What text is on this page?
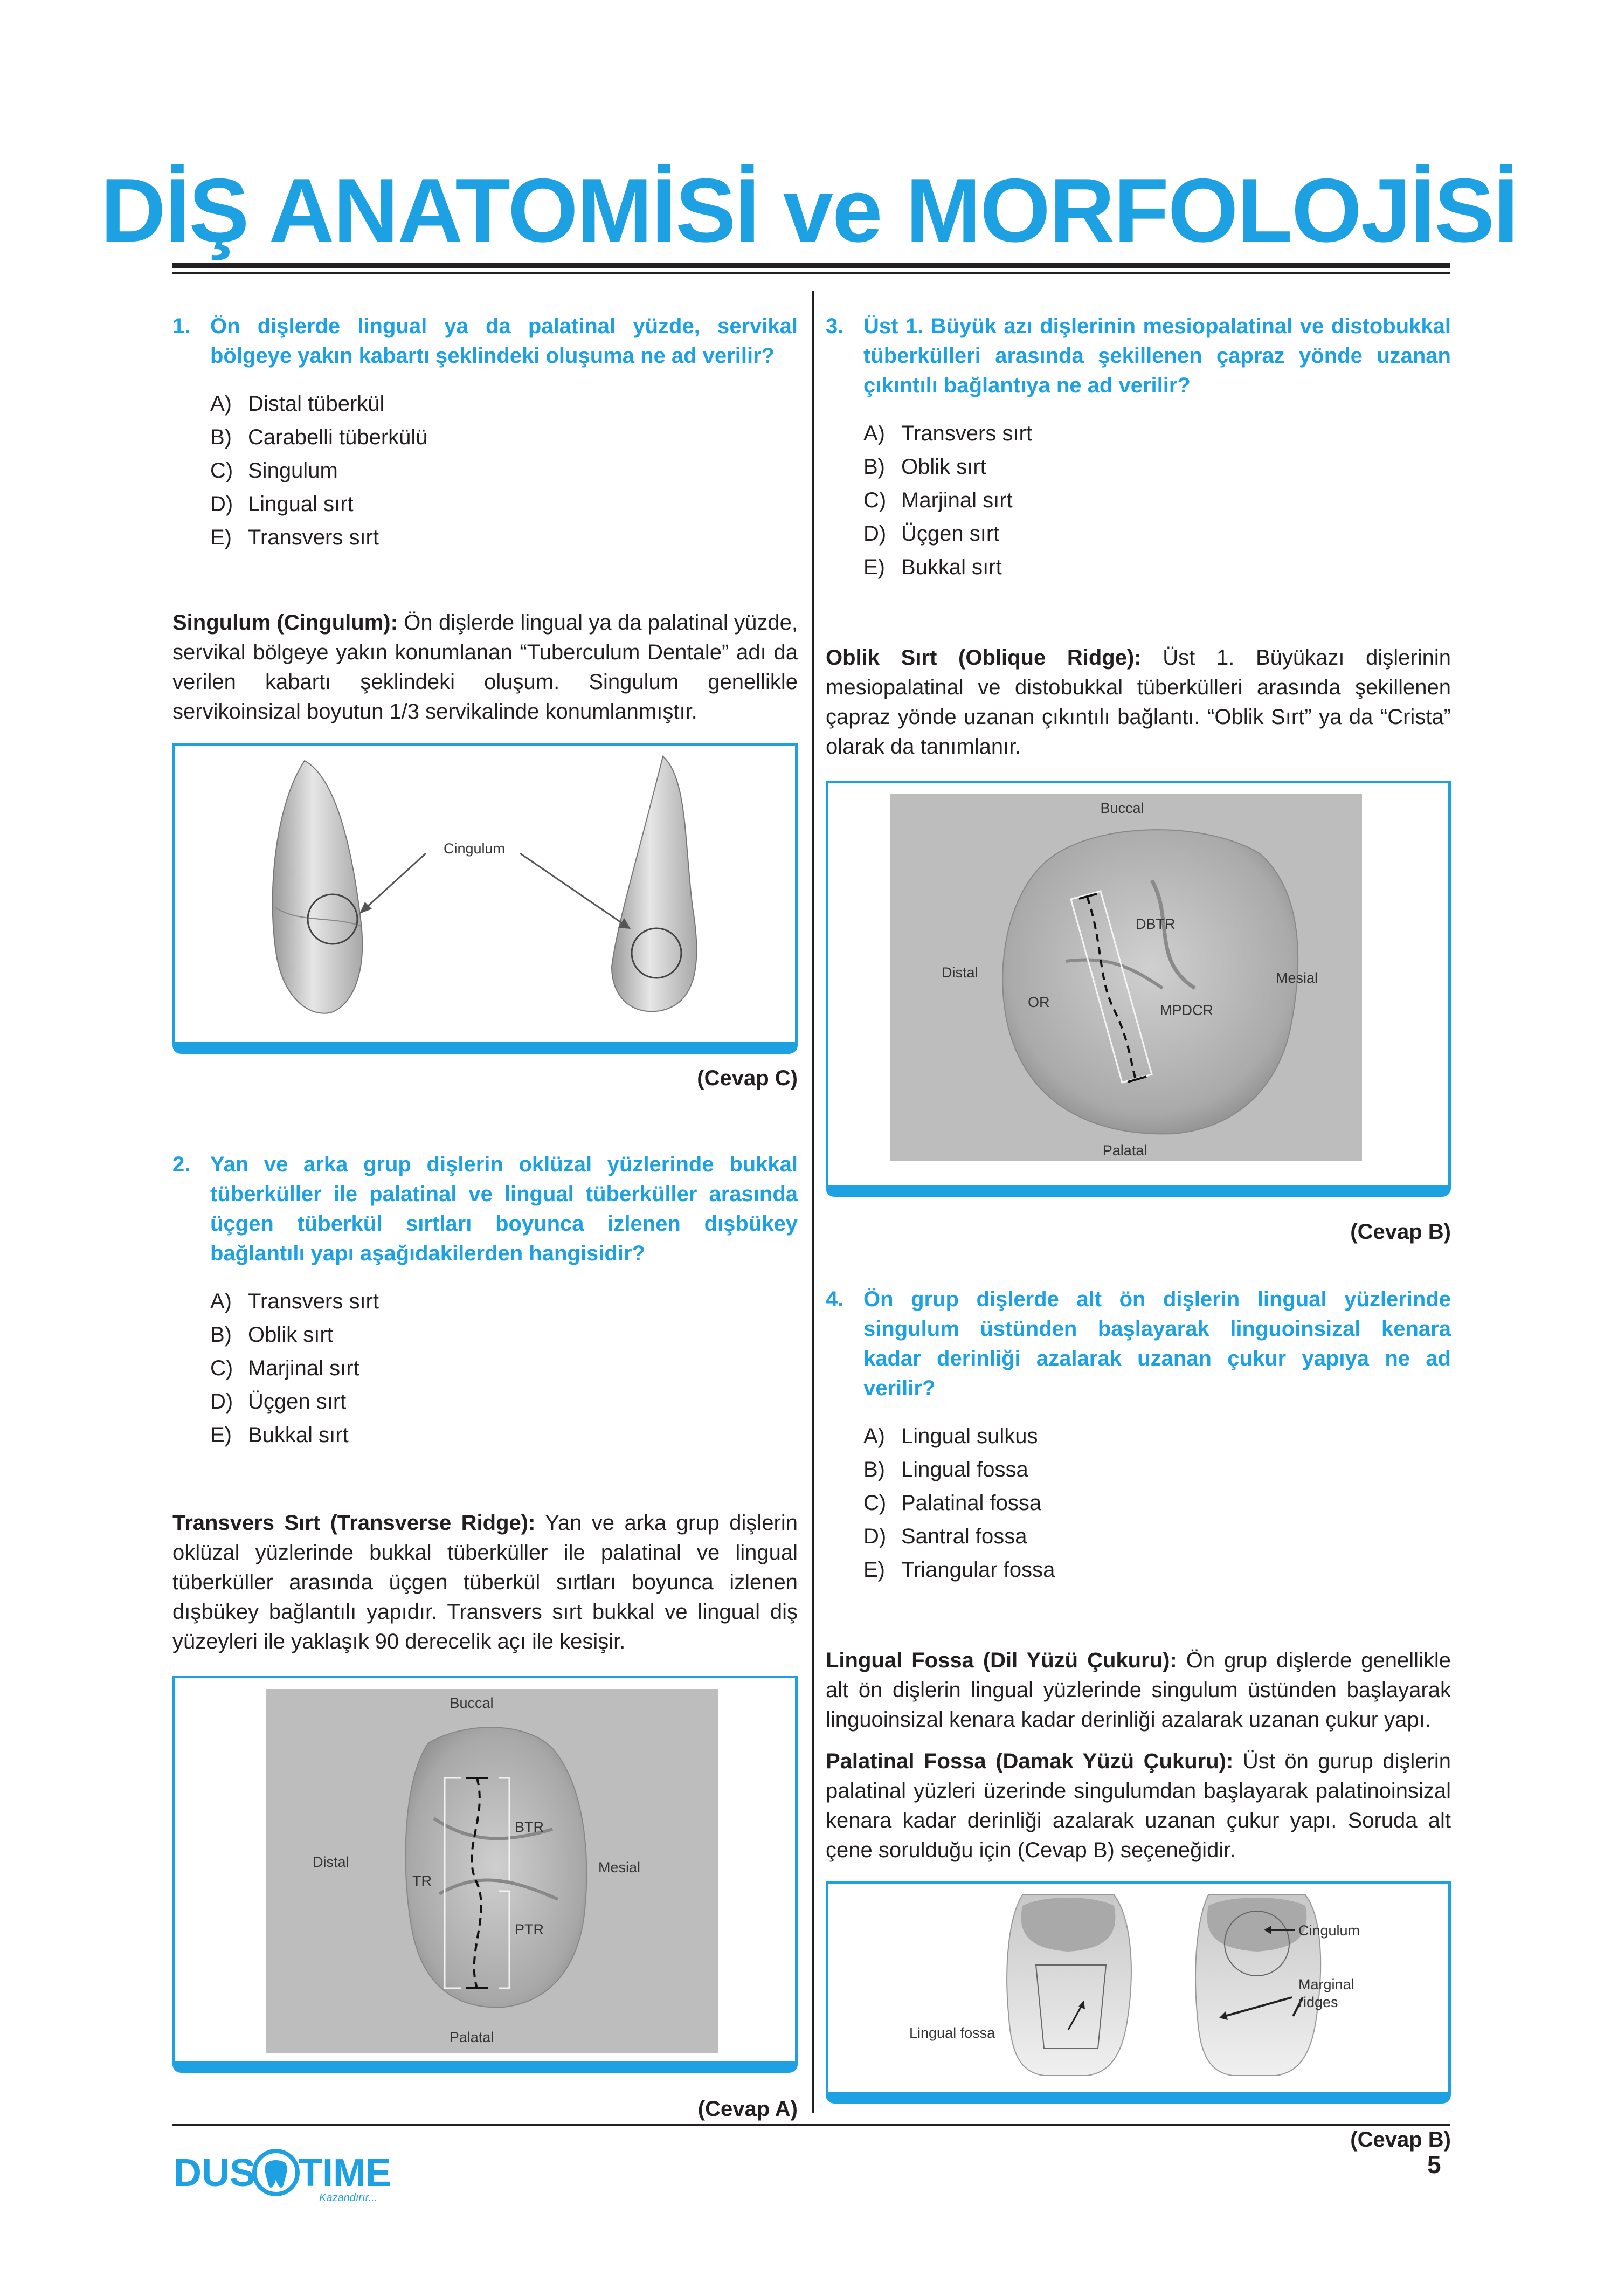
DİŞ ANATOMİSİ ve MORFOLOJİSİ

1. Ön dişlerde lingual ya da palatinal yüzde, servikal bölgeye yakın kabartı şeklindeki oluşuma ne ad verilir?

A) Distal tüberkül
B) Carabelli tüberkülü
C) Singulum
D) Lingual sırt
E) Transvers sırt

Singulum (Cingulum): Ön dişlerde lingual ya da palatinal yüzde, servikal bölgeye yakın konumlanan “Tuberculum Dentale” adı da verilen kabartı şeklindeki oluşum. Singulum genellikle servikoinsizal boyutun 1/3 servikalinde konumlanmıştır.

Cingulum
(Cevap C)

2. Yan ve arka grup dişlerin oklüzal yüzlerinde bukkal tüberküller ile palatinal ve lingual tüberküller arasında üçgen tüberkül sırtları boyunca izlenen dışbükey bağlantılı yapı aşağıdakilerden hangisidir?

A) Transvers sırt
B) Oblik sırt
C) Marjinal sırt
D) Üçgen sırt
E) Bukkal sırt

Transvers Sırt (Transverse Ridge): Yan ve arka grup dişlerin oklüzal yüzlerinde bukkal tüberküller ile palatinal ve lingual tüberküller arasında üçgen tüberkül sırtları boyunca izlenen dışbükey bağlantılı yapıdır. Transvers sırt bukkal ve lingual diş yüzeyleri ile yaklaşık 90 derecelik açı ile kesişir.

Buccal
Palatal
Distal	Mesial
TR
BTR
PTR
(Cevap A)

3. Üst 1. Büyük azı dişlerinin mesiopalatinal ve distobukkal tüberkülleri arasında şekillenen çapraz yönde uzanan çıkıntılı bağlantıya ne ad verilir?

A) Transvers sırt
B) Oblik sırt
C) Marjinal sırt
D) Üçgen sırt
E) Bukkal sırt

Oblik Sırt (Oblique Ridge): Üst 1. Büyükazı dişlerinin mesiopalatinal ve distobukkal tüberkülleri arasında şekillenen çapraz yönde uzanan çıkıntılı bağlantı. “Oblik Sırt” ya da “Crista” olarak da tanımlanır.

Buccal
Palatal
Distal	Mesial
OR
DBTR
MPDCR
(Cevap B)

4. Ön grup dişlerde alt ön dişlerin lingual yüzlerinde singulum üstünden başlayarak linguoinsizal kenara kadar derinliği azalarak uzanan çukur yapıya ne ad verilir?

A) Lingual sulkus
B) Lingual fossa
C) Palatinal fossa
D) Santral fossa
E) Triangular fossa

Lingual Fossa (Dil Yüzü Çukuru): Ön grup dişlerde genellikle alt ön dişlerin lingual yüzlerinde singulum üstünden başlayarak linguoinsizal kenara kadar derinliği azalarak uzanan çukur yapı.

Palatinal Fossa (Damak Yüzü Çukuru): Üst ön gurup dişlerin palatinal yüzleri üzerinde singulumdan başlayarak palatinoinsizal kenara kadar derinliği azalarak uzanan çukur yapı. Soruda alt çene sorulduğu için (Cevap B) seçeneğidir.

Cingulum
Marginal
ridges
Lingual fossa
(Cevap B)
DUS TIME
Kazandırır...
5
